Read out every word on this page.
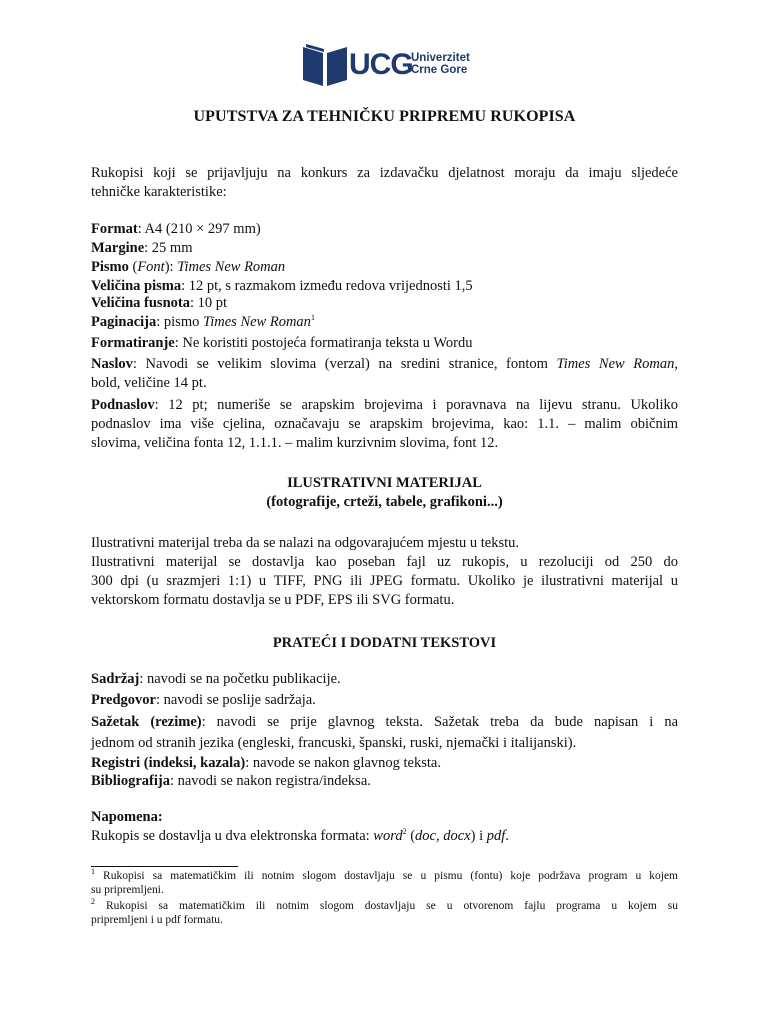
UCG
Univerzitet
Crne Gore
UPUTSTVA ZA TEHNIČKU PRIPREMU RUKOPISA
Rukopisi koji se prijavljuju na konkurs za izdavačku djelatnost moraju da imaju sljedeće
tehničke karakteristike:
Format: A4 (210 × 297 mm)
Margine: 25 mm
Pismo (Font): Times New Roman
Veličina pisma: 12 pt, s razmakom između redova vrijednosti 1,5
Veličina fusnota: 10 pt
Paginacija: pismo Times New Roman$^1$
Formatiranje: Ne koristiti postojeća formatiranja teksta u Wordu
Naslov: Navodi se velikim slovima (verzal) na sredini stranice, fontom Times New Roman,
bold, veličine 14 pt.
Podnaslov: 12 pt; numeriše se arapskim brojevima i poravnava na lijevu stranu. Ukoliko
podnaslov ima više cjelina, označavaju se arapskim brojevima, kao: 1.1. – malim običnim
slovima, veličina fonta 12, 1.1.1. – malim kurzivnim slovima, font 12.
ILUSTRATIVNI MATERIJAL
(fotografije, crteži, tabele, grafikoni...)
Ilustrativni materijal treba da se nalazi na odgovarajućem mjestu u tekstu.
Ilustrativni materijal se dostavlja kao poseban fajl uz rukopis, u rezoluciji od 250 do
300 dpi (u srazmjeri 1:1) u TIFF, PNG ili JPEG formatu. Ukoliko je ilustrativni materijal u
vektorskom formatu dostavlja se u PDF, EPS ili SVG formatu.
PRATEĆI I DODATNI TEKSTOVI
Sadržaj: navodi se na početku publikacije.
Predgovor: navodi se poslije sadržaja.
Sažetak (rezime): navodi se prije glavnog teksta. Sažetak treba da bude napisan i na
jednom od stranih jezika (engleski, francuski, španski, ruski, njemački i italijanski).
Registri (indeksi, kazala): navode se nakon glavnog teksta.
Bibliografija: navodi se nakon registra/indeksa.
Napomena:
Rukopis se dostavlja u dva elektronska formata: word$^2$ (doc, docx) i pdf.
$^1$ Rukopisi sa matematičkim ili notnim slogom dostavljaju se u pismu (fontu) koje podržava program u kojem
su pripremljeni.
$^2$ Rukopisi sa matematičkim ili notnim slogom dostavljaju se u otvorenom fajlu programa u kojem su
pripremljeni i u pdf formatu.
